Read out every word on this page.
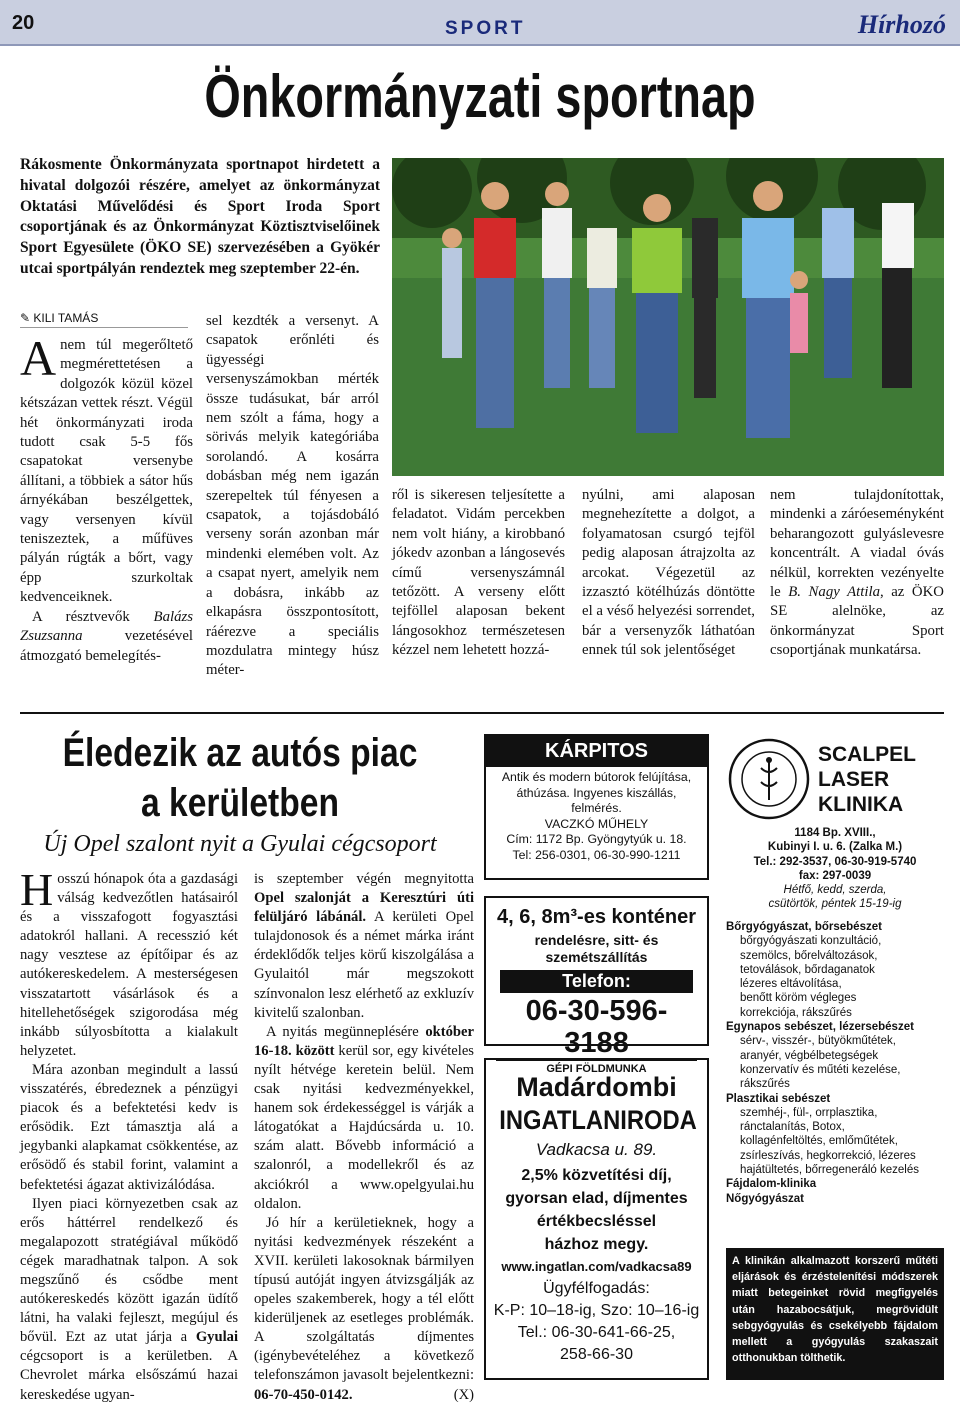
20	SPORT	Hírhozó
Önkormányzati sportnap
Rákosmente Önkormányzata sportnapot hirdetett a hivatal dolgozói részére, amelyet az önkormányzat Oktatási Művelődési és Sport Iroda Sport csoportjának és az Önkormányzat Köztisztviselőinek Sport Egyesülete (ÖKO SE) szervezésében a Gyökér utcai sportpályán rendeztek meg szeptember 22-én.
✎ KILI TAMÁS

Anem túl megerőltető megmérettetésen a dolgozók közül közel kétszázan vettek részt. Végül hét önkormányzati iroda tudott csak 5-5 fős csapatokat versenybe állítani, a többiek a sátor hűs árnyékában beszélgettek, vagy versenyen kívül teniszeztek, a műfüves pályán rúgták a bőrt, vagy épp szurkoltak kedvenceiknek.

A résztvevők Balázs Zsuzsanna vezetésével átmozgató bemelegítés-

sel kezdték a versenyt. A csapatok erőnléti és ügyességi versenyszámokban mérték össze tudásukat, bár arról nem szólt a fáma, hogy a sörivás melyik kategóriába sorolandó. A kosárra dobásban még nem igazán szerepeltek túl fényesen a csapatok, a tojásdobáló verseny során azonban már mindenki elemében volt. Az a csapat nyert, amelyik nem a dobásra, inkább az elkapásra összpontosított, ráérezve a speciális mozdulatra mintegy húsz méter-
ről is sikeresen teljesítette a feladatot. Vidám percekben nem volt hiány, a kirobbanó jókedv azonban a lángosevés című versenyszámnál tetőzött. A verseny előtt tejföllel alaposan bekent lángosokhoz természetesen kézzel nem lehetett hozzá-
nyúlni, ami alaposan megnehezítette a dolgot, a folyamatosan csurgó tejföl pedig alaposan átrajzolta az arcokat. Végezetül az izzasztó kötélhúzás döntötte el a véső helyezési sorrendet, bár a versenyzők láthatóan ennek túl sok jelentőséget
nem tulajdonítottak, mindenki a záróeseményként beharangozott gulyáslevesre koncentrált. A viadal óvás nélkül, korrekten vezényelte le B. Nagy Attila, az ÖKO SE alelnöke, az önkormányzat Sport csoportjának munkatársa.
Éledezik az autós piac
a kerületben
Új Opel szalont nyit a Gyulai cégcsoport

Hosszú hónapok óta a gazdasági válság kedvezőtlen hatásairól és a visszafogott fogyasztási adatokról hallani. A recesszió két nagy vesztese az építőipar és az autókereskedelem. A mesterségesen visszatartott vásárlások és a hitellehetőségek szigorodása még inkább súlyosbította a kialakult helyzetet.

Mára azonban megindult a lassú visszatérés, ébredeznek a pénzügyi piacok és a befektetési kedv is erősödik. Ezt támasztja alá a jegybanki alapkamat csökkentése, az erősödő és stabil forint, valamint a befektetési ágazat aktivizálódása.

Ilyen piaci környezetben csak az erős háttérrel rendelkező és megalapozott stratégiával működő cégek maradhatnak talpon. A sok megszűnő és csődbe ment autókereskedés között igazán üdítő látni, ha valaki fejleszt, megújul és bővül. Ezt az utat járja a Gyulai cégcsoport is a kerületben. A Chevrolet márka elsőszámú hazai kereskedése ugyan-

is szeptember végén megnyitotta Opel szalonját a Keresztúri úti felüljáró lábánál. A kerületi Opel tulajdonosok és a német márka iránt érdeklődők teljes körű kiszolgálása a Gyulaitól már megszokott színvonalon lesz elérhető az exkluzív kivitelű szalonban.

A nyitás megünneplésére október 16-18. között kerül sor, egy kivételes nyílt hétvége keretein belül. Nem csak nyitási kedvezményekkel, hanem sok érdekességgel is várják a látogatókat a Hajdúcsárda u. 10. szám alatt. Bővebb információ a szalonról, a modellekről és az akciókról a www.opelgyulai.hu oldalon.

Jó hír a kerületieknek, hogy a nyitási kedvezmények részeként a XVII. kerületi lakosoknak bármilyen típusú autóját ingyen átvizsgálják az opeles szakemberek, hogy a tél előtt kiderüljenek az esetleges problémák. A szolgáltatás díjmentes (igénybevételéhez a következő telefonszámon javasolt bejelentkezni: 06-70-450-0142.	(X)

KÁRPITOS
Antik és modern bútorok felújítása,
áthúzása. Ingyenes kiszállás,
felmérés.
VACZKÓ MŰHELY
Cím: 1172 Bp. Gyöngytyúk u. 18.
Tel: 256-0301, 06-30-990-1211
4, 6, 8m³-es konténer
rendelésre, sitt- és
szemétszállítás
Telefon:
06-30-596-3188
GÉPI FÖLDMUNKA
Madárdombi
INGATLANIRODA
Vadkacsa u. 89.
2,5% közvetítési díj,
gyorsan elad, díjmentes
értékbecsléssel
házhoz megy.
www.ingatlan.com/vadkacsa89
Ügyfélfogadás:
K-P: 10–18-ig, Szo: 10–16-ig
Tel.: 06-30-641-66-25,
258-66-30
SCALPEL
LASER
KLINIKA
1184 Bp. XVIII.,
Kubinyi I. u. 6. (Zalka M.)
Tel.: 292-3537, 06-30-919-5740
fax: 297-0039
Hétfő, kedd, szerda,
csütörtök, péntek 15-19-ig
Bőrgyógyászat, bőrsebészet
bőrgyógyászati konzultáció,
szemölcs, bőrelváltozások,
tetoválások, bőrdaganatok
lézeres eltávolítása,
benőtt köröm végleges
korrekciója, rákszűrés
Egynapos sebészet, lézersebészet
sérv-, visszér-, bütyökműtétek,
aranyér, végbélbetegségek
konzervatív és műtéti kezelése,
rákszűrés
Plasztikai sebészet
szemhéj-, fül-, orrplasztika,
ránctalanítás, Botox,
kollagénfeltöltés, emlőműtétek,
zsírleszívás, hegkorrekció, lézeres
hajátültetés, bőrregeneráló kezelés
Fájdalom-klinika
Nőgyógyászat
A klinikán alkalmazott korszerű műtéti eljárások és érzéstelenítési módszerek miatt betegeinket rövid megfigyelés után hazabocsátjuk, megrövidült sebgyógyulás és csekélyebb fájdalom mellett a gyógyulás szakaszait otthonukban tölthetik.
